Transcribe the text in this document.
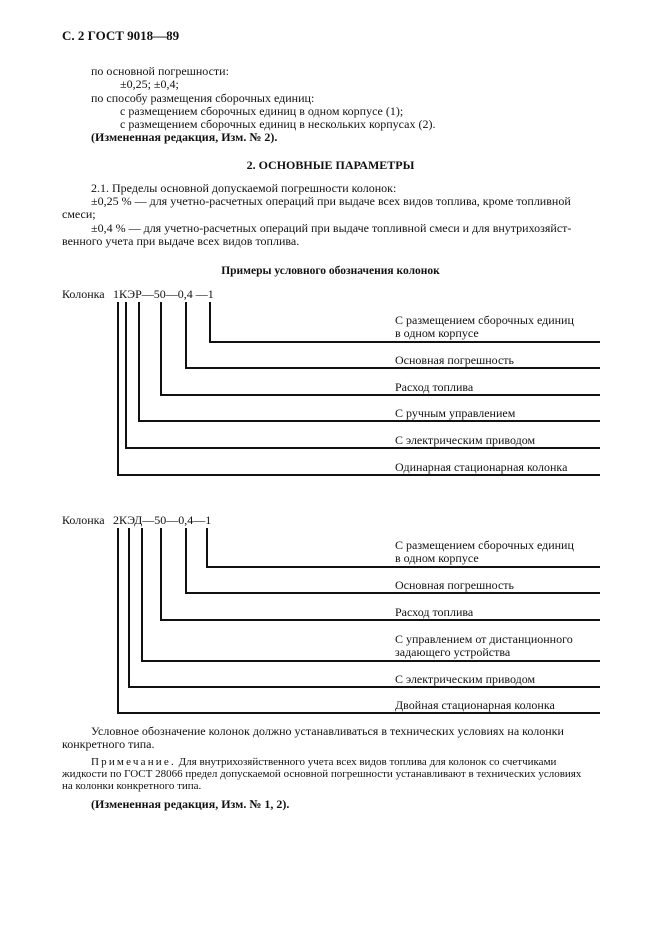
С. 2 ГОСТ 9018—89
по основной погрешности:
±0,25; ±0,4;
по способу размещения сборочных единиц:
с размещением сборочных единиц в одном корпусе (1);
с размещением сборочных единиц в нескольких корпусах (2).
(Измененная редакция, Изм. № 2).
2. ОСНОВНЫЕ ПАРАМЕТРЫ
2.1. Пределы основной допускаемой погрешности колонок:
±0,25 % — для учетно-расчетных операций при выдаче всех видов топлива, кроме топливной
смеси;
±0,4 % — для учетно-расчетных операций при выдаче топливной смеси и для внутрихозяйст-
венного учета при выдаче всех видов топлива.
Примеры условного обозначения колонок
Колонка 1КЭР—50—0,4 —1
С размещением сборочных единиц
в одном корпусе
Основная погрешность
Расход топлива
С ручным управлением
С электрическим приводом
Одинарная стационарная колонка
Колонка 2КЭД—50—0,4—1
С размещением сборочных единиц
в одном корпусе
Основная погрешность
Расход топлива
С управлением от дистанционного
задающего устройства
С электрическим приводом
Двойная стационарная колонка
Условное обозначение колонок должно устанавливаться в технических условиях на колонки
конкретного типа.
Примечание. Для внутрихозяйственного учета всех видов топлива для колонок со счетчиками
жидкости по ГОСТ 28066 предел допускаемой основной погрешности устанавливают в технических условиях
на колонки конкретного типа.
(Измененная редакция, Изм. № 1, 2).
